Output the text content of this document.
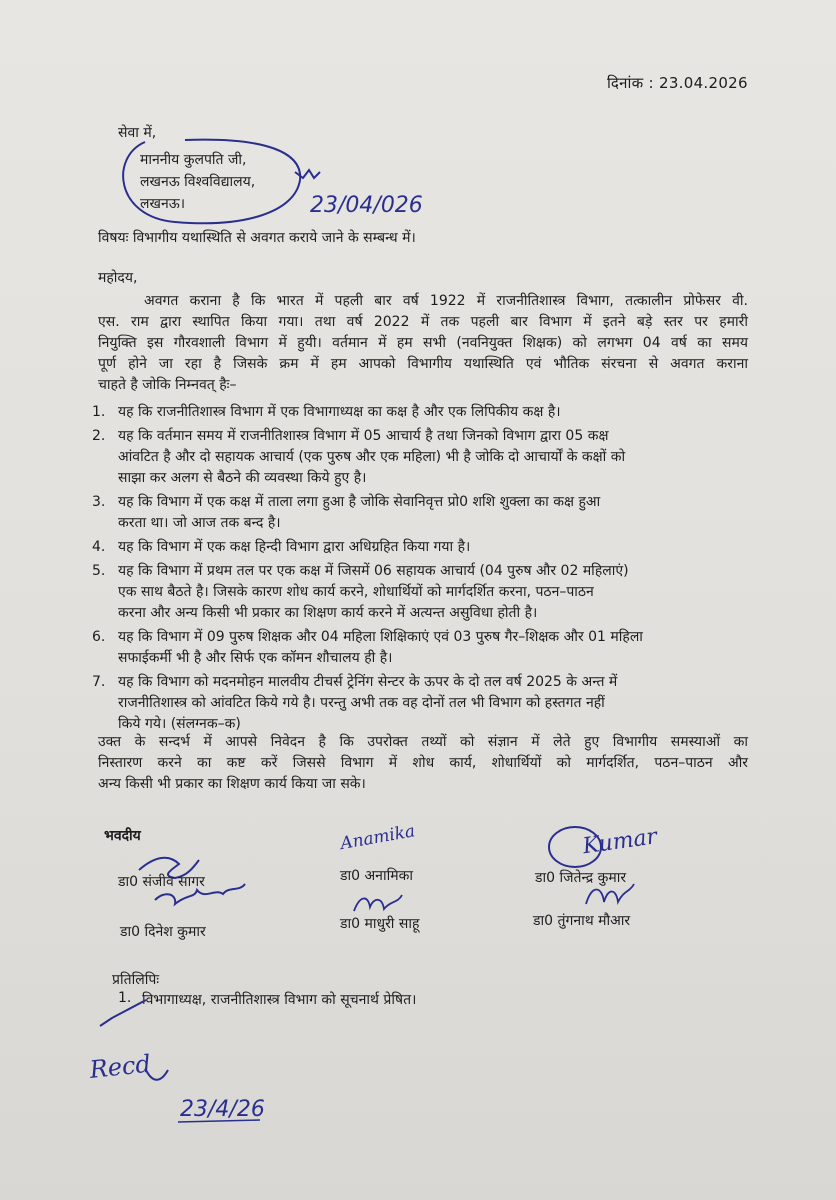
दिनांक : 23.04.2026
सेवा में,
माननीय कुलपति जी,
लखनऊ विश्वविद्यालय,
लखनऊ।	23/04/026
विषयः विभागीय यथास्थिति से अवगत कराये जाने के सम्बन्ध में।
महोदय,
अवगत कराना है कि भारत में पहली बार वर्ष 1922 में राजनीतिशास्त्र विभाग, तत्कालीन प्रोफेसर वी.
एस. राम द्वारा स्थापित किया गया। तथा वर्ष 2022 में तक पहली बार विभाग में इतने बड़े स्तर पर हमारी
नियुक्ति इस गौरवशाली विभाग में हुयी। वर्तमान में हम सभी (नवनियुक्त शिक्षक) को लगभग 04 वर्ष का समय
पूर्ण होने जा रहा है जिसके क्रम में हम आपको विभागीय यथास्थिति एवं भौतिक संरचना से अवगत कराना
चाहते है जोकि निम्नवत् हैः–
1. यह कि राजनीतिशास्त्र विभाग में एक विभागाध्यक्ष का कक्ष है और एक लिपिकीय कक्ष है।
2. यह कि वर्तमान समय में राजनीतिशास्त्र विभाग में 05 आचार्य है तथा जिनको विभाग द्वारा 05 कक्ष
आंवटित है और दो सहायक आचार्य (एक पुरुष और एक महिला) भी है जोकि दो आचार्यों के कक्षों को
साझा कर अलग से बैठने की व्यवस्था किये हुए है।
3. यह कि विभाग में एक कक्ष में ताला लगा हुआ है जोकि सेवानिवृत्त प्रो0 शशि शुक्ला का कक्ष हुआ
करता था। जो आज तक बन्द है।
4. यह कि विभाग में एक कक्ष हिन्दी विभाग द्वारा अधिग्रहित किया गया है।
5. यह कि विभाग में प्रथम तल पर एक कक्ष में जिसमें 06 सहायक आचार्य (04 पुरुष और 02 महिलाएं)
एक साथ बैठते है। जिसके कारण शोध कार्य करने, शोधार्थियों को मार्गदर्शित करना, पठन–पाठन
करना और अन्य किसी भी प्रकार का शिक्षण कार्य करने में अत्यन्त असुविधा होती है।
6. यह कि विभाग में 09 पुरुष शिक्षक और 04 महिला शिक्षिकाएं एवं 03 पुरुष गैर–शिक्षक और 01 महिला
सफाईकर्मी भी है और सिर्फ एक कॉमन शौचालय ही है।
7. यह कि विभाग को मदनमोहन मालवीय टीचर्स ट्रेनिंग सेन्टर के ऊपर के दो तल वर्ष 2025 के अन्त में
राजनीतिशास्त्र को आंवटित किये गये है। परन्तु अभी तक वह दोनों तल भी विभाग को हस्तगत नहीं
किये गये। (संलग्नक–क)
उक्त के सन्दर्भ में आपसे निवेदन है कि उपरोक्त तथ्यों को संज्ञान में लेते हुए विभागीय समस्याओं का
निस्तारण करने का कष्ट करें जिससे विभाग में शोध कार्य, शोधार्थियों को मार्गदर्शित, पठन–पाठन और
अन्य किसी भी प्रकार का शिक्षण कार्य किया जा सके।
भवदीय	Anamika	Kumar
डा0 संजीव सागर	डा0 अनामिका	डा0 जितेन्द्र कुमार
डा0 दिनेश कुमार	डा0 माधुरी साहू	डा0 तुंगनाथ मौआर
प्रतिलिपिः
1. विभागाध्यक्ष, राजनीतिशास्त्र विभाग को सूचनार्थ प्रेषित।
Recd
23/4/26
